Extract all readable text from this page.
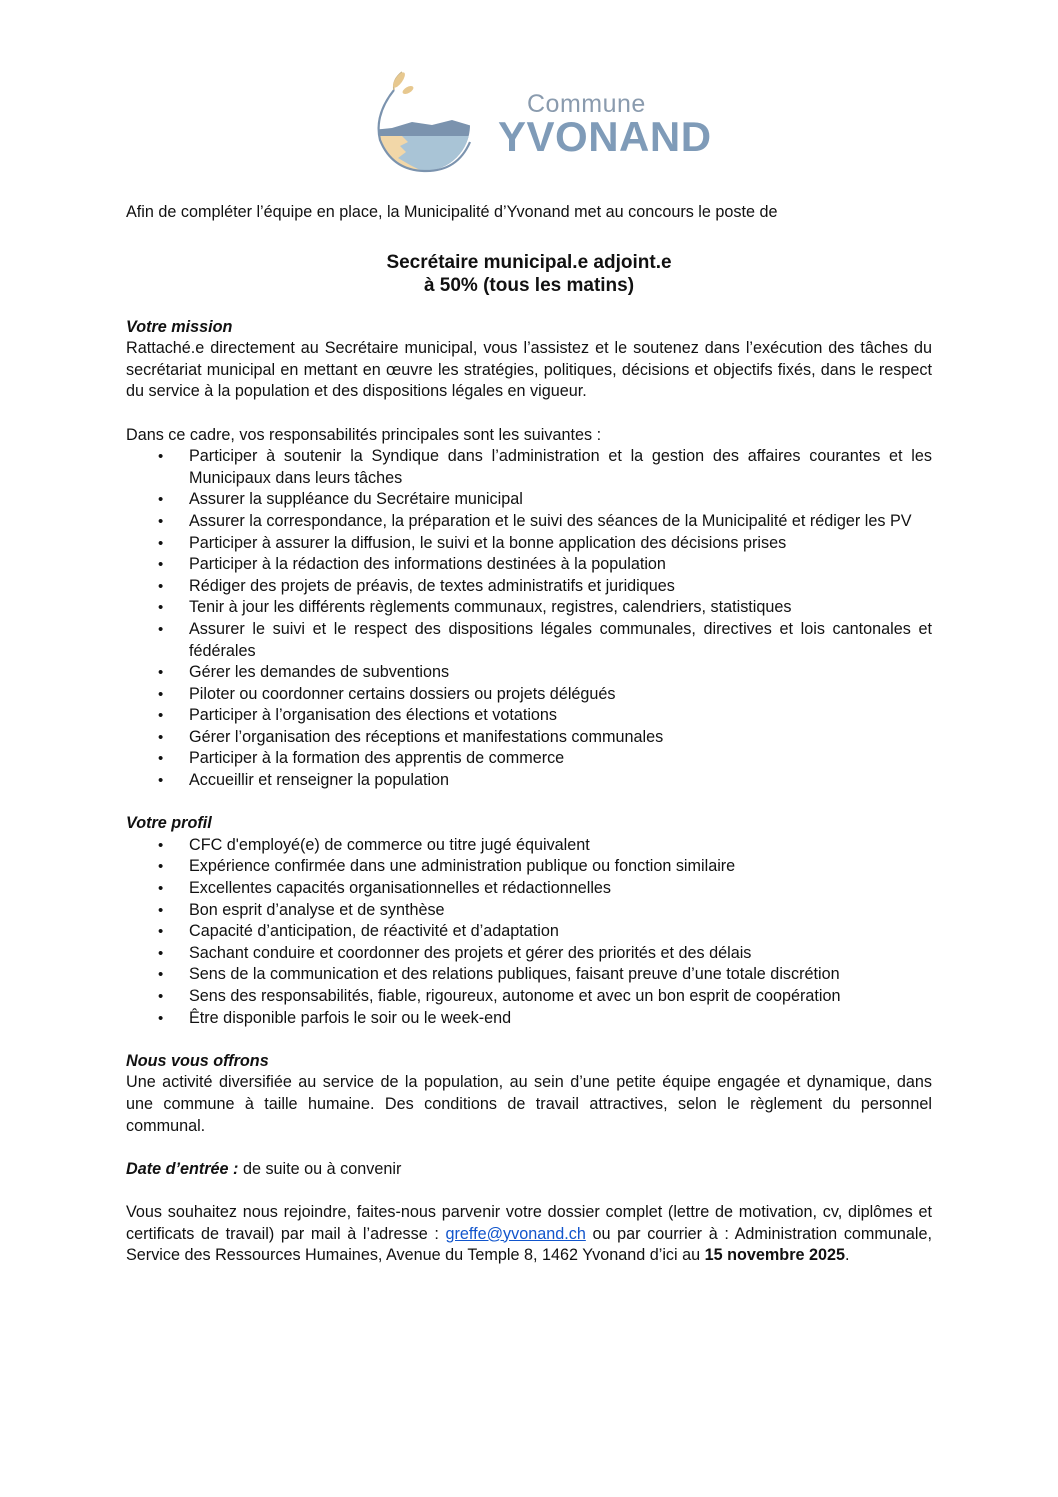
Commune
YVONAND

Afin de compléter l’équipe en place, la Municipalité d’Yvonand met au concours le poste de

Secrétaire municipal.e adjoint.e
à 50% (tous les matins)

Votre mission

Rattaché.e directement au Secrétaire municipal, vous l’assistez et le soutenez dans l’exécution des tâches du secrétariat municipal en mettant en œuvre les stratégies, politiques, décisions et objectifs fixés, dans le respect du service à la population et des dispositions légales en vigueur.

Dans ce cadre, vos responsabilités principales sont les suivantes :

• Participer à soutenir la Syndique dans l’administration et la gestion des affaires courantes et les Municipaux dans leurs tâches
• Assurer la suppléance du Secrétaire municipal
• Assurer la correspondance, la préparation et le suivi des séances de la Municipalité et rédiger les PV
• Participer à assurer la diffusion, le suivi et la bonne application des décisions prises
• Participer à la rédaction des informations destinées à la population
• Rédiger des projets de préavis, de textes administratifs et juridiques
• Tenir à jour les différents règlements communaux, registres, calendriers, statistiques
• Assurer le suivi et le respect des dispositions légales communales, directives et lois cantonales et fédérales
• Gérer les demandes de subventions
• Piloter ou coordonner certains dossiers ou projets délégués
• Participer à l’organisation des élections et votations
• Gérer l’organisation des réceptions et manifestations communales
• Participer à la formation des apprentis de commerce
• Accueillir et renseigner la population

Votre profil

• CFC d'employé(e) de commerce ou titre jugé équivalent
• Expérience confirmée dans une administration publique ou fonction similaire
• Excellentes capacités organisationnelles et rédactionnelles
• Bon esprit d’analyse et de synthèse
• Capacité d’anticipation, de réactivité et d’adaptation
• Sachant conduire et coordonner des projets et gérer des priorités et des délais
• Sens de la communication et des relations publiques, faisant preuve d’une totale discrétion
• Sens des responsabilités, fiable, rigoureux, autonome et avec un bon esprit de coopération
• Être disponible parfois le soir ou le week-end

Nous vous offrons

Une activité diversifiée au service de la population, au sein d’une petite équipe engagée et dynamique, dans une commune à taille humaine. Des conditions de travail attractives, selon le règlement du personnel communal.

Date d’entrée : de suite ou à convenir

Vous souhaitez nous rejoindre, faites-nous parvenir votre dossier complet (lettre de motivation, cv, diplômes et certificats de travail) par mail à l’adresse : greffe@yvonand.ch ou par courrier à : Administration communale, Service des Ressources Humaines, Avenue du Temple 8, 1462 Yvonand d’ici au 15 novembre 2025.
